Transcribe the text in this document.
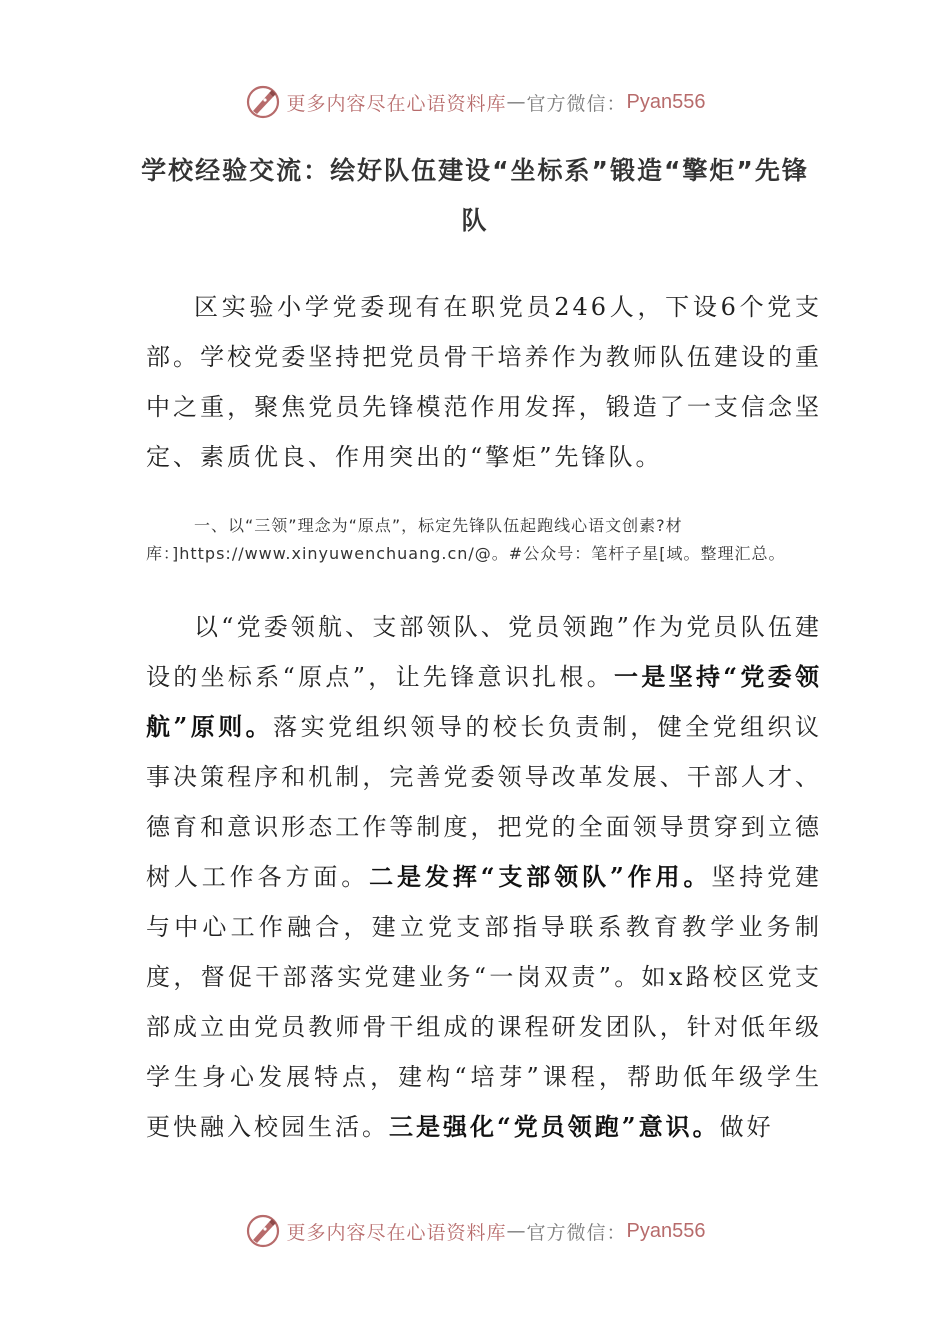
更多内容尽在心语资料库 — 官方微信： Pyan556
学校经验交流：绘好队伍建设“坐标系”锻造“擎炬”先锋队

区实验小学党委现有在职党员246人，下设6个党支部。学校党委坚持把党员骨干培养作为教师队伍建设的重中之重，聚焦党员先锋模范作用发挥，锻造了一支信念坚定、素质优良、作用突出的“擎炬”先锋队。

一、以“三领”理念为“原点”，标定先锋队伍起跑线心语文创素?材库：]https://www.xinyuwenchuang.cn/@。#公众号：笔杆子星[域。整理汇总。

以“党委领航、支部领队、党员领跑”作为党员队伍建设的坐标系“原点”，让先锋意识扎根。一是坚持“党委领航”原则。落实党组织领导的校长负责制，健全党组织议事决策程序和机制，完善党委领导改革发展、干部人才、德育和意识形态工作等制度，把党的全面领导贯穿到立德树人工作各方面。二是发挥“支部领队”作用。坚持党建与中心工作融合，建立党支部指导联系教育教学业务制度，督促干部落实党建业务“一岗双责”。如x路校区党支部成立由党员教师骨干组成的课程研发团队，针对低年级学生身心发展特点，建构“培芽”课程，帮助低年级学生更快融入校园生活。三是强化“党员领跑”意识。做好

更多内容尽在心语资料库 — 官方微信： Pyan556
